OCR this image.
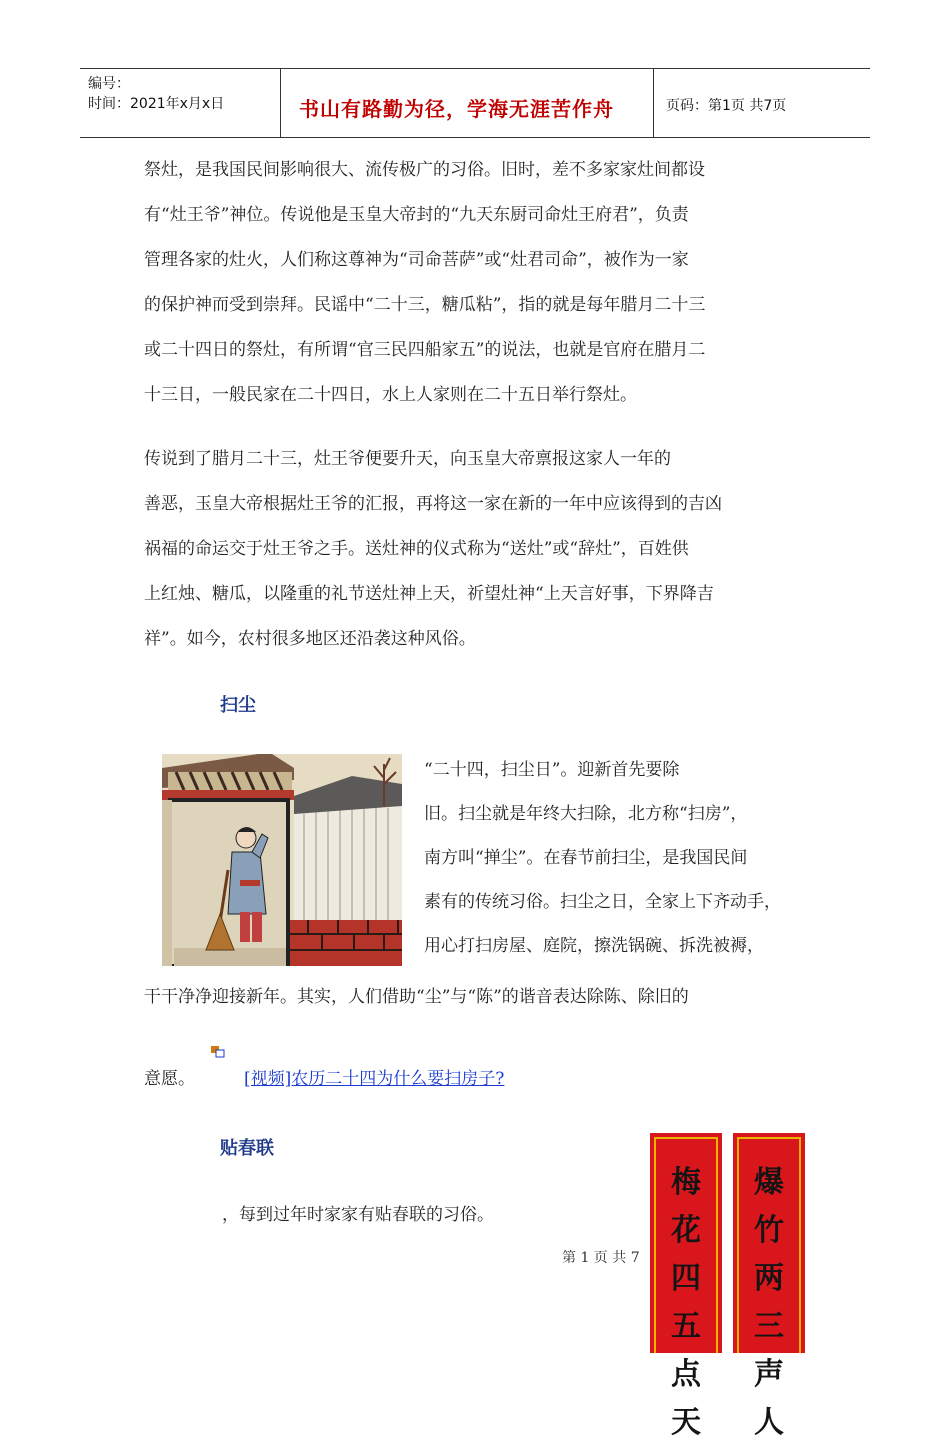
编号：
时间：2021年x月x日	书山有路勤为径，学海无涯苦作舟	页码：第1页 共7页
祭灶，是我国民间影响很大、流传极广的习俗。旧时，差不多家家灶间都设
有“灶王爷”神位。传说他是玉皇大帝封的“九天东厨司命灶王府君”，负责
管理各家的灶火，人们称这尊神为“司命菩萨”或“灶君司命”，被作为一家
的保护神而受到崇拜。民谣中“二十三，糖瓜粘”，指的就是每年腊月二十三
或二十四日的祭灶，有所谓“官三民四船家五”的说法，也就是官府在腊月二
十三日，一般民家在二十四日，水上人家则在二十五日举行祭灶。
传说到了腊月二十三，灶王爷便要升天，向玉皇大帝禀报这家人一年的
善恶，玉皇大帝根据灶王爷的汇报，再将这一家在新的一年中应该得到的吉凶
祸福的命运交于灶王爷之手。送灶神的仪式称为“送灶”或“辞灶”，百姓供
上红烛、糖瓜，以隆重的礼节送灶神上天，祈望灶神“上天言好事，下界降吉
祥”。如今，农村很多地区还沿袭这种风俗。
扫尘
“二十四，扫尘日”。迎新首先要除
旧。扫尘就是年终大扫除，北方称“扫房”，
南方叫“掸尘”。在春节前扫尘，是我国民间
素有的传统习俗。扫尘之日，全家上下齐动手，
用心打扫房屋、庭院，擦洗锅碗、拆洗被褥，
干干净净迎接新年。其实，人们借助“尘”与“陈”的谐音表达除陈、除旧的
意愿。	[视频]农历二十四为什么要扫房子?
贴春联
，每到过年时家家有贴春联的习俗。
第 1 页 共 7
梅
花
四
五
点
天
爆
竹
两
三
声
人
